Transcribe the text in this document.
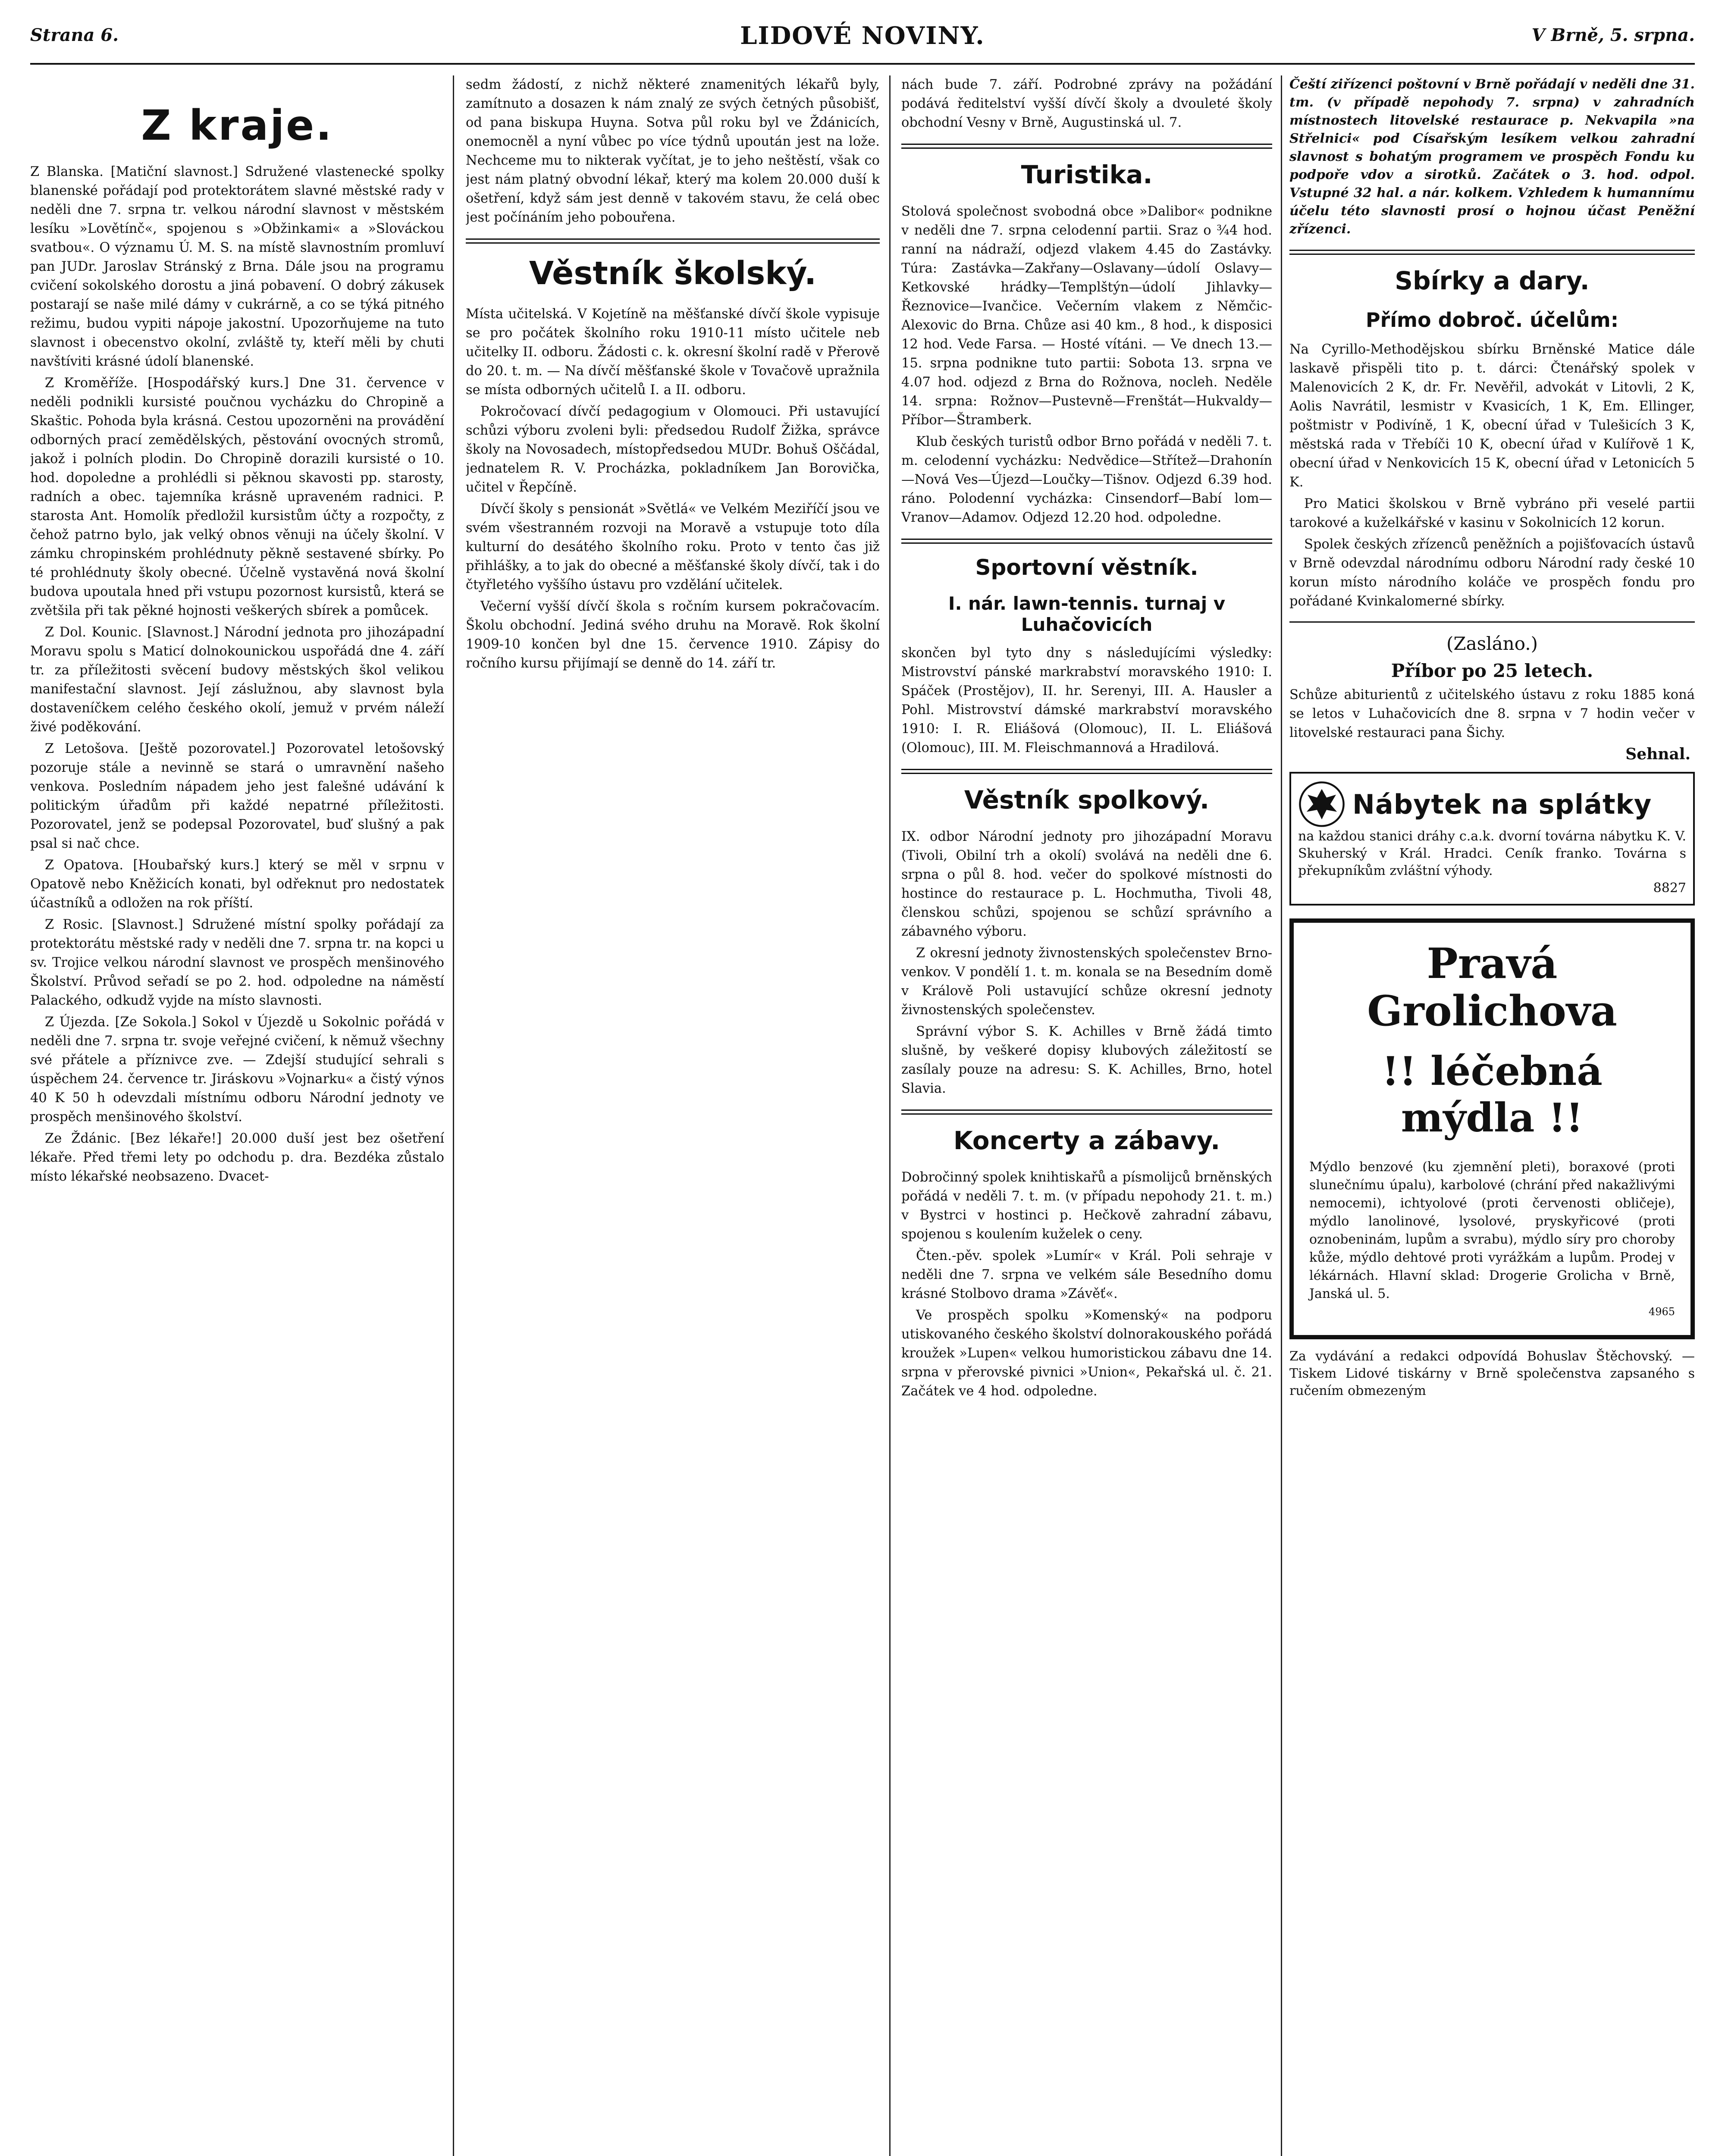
Strana 6.	LIDOVÉ NOVINY.	V Brně, 5. srpna.
Z kraje.

Z Blanska. [Matiční slavnost.] Sdružené vlastenecké spolky blanenské pořádají pod protektorátem slavné městské rady v neděli dne 7. srpna tr. velkou národní slavnost v městském lesíku »Lovětínč«, spojenou s »Obžinkami« a »Slováckou svatbou«. O významu Ú. M. S. na místě slavnostním promluví pan JUDr. Jaroslav Stránský z Brna. Dále jsou na programu cvičení sokolského dorostu a jiná pobavení. O dobrý zákusek postarají se naše milé dámy v cukrárně, a co se týká pitného režimu, budou vypiti nápoje jakostní. Upozorňujeme na tuto slavnost i obecenstvo okolní, zvláště ty, kteří měli by chuti navštíviti krásné údolí blanenské.

Z Kroměříže. [Hospodářský kurs.] Dne 31. července v neděli podnikli kursisté poučnou vycházku do Chropině a Skaštic. Pohoda byla krásná. Cestou upozorněni na provádění odborných prací zemědělských, pěstování ovocných stromů, jakož i polních plodin. Do Chropině dorazili kursisté o 10. hod. dopoledne a prohlédli si pěknou skavosti pp. starosty, radních a obec. tajemníka krásně upraveném radnici. P. starosta Ant. Homolík předložil kursistům účty a rozpočty, z čehož patrno bylo, jak velký obnos věnuji na účely školní. V zámku chropinském prohlédnuty pěkně sestavené sbírky. Po té prohlédnuty školy obecné. Účelně vystavěná nová školní budova upoutala hned při vstupu pozornost kursistů, která se zvětšila při tak pěkné hojnosti veškerých sbírek a pomůcek.

Z Dol. Kounic. [Slavnost.] Národní jednota pro jihozápadní Moravu spolu s Maticí dolnokounickou uspořádá dne 4. září tr. za příležitosti svěcení budovy městských škol velikou manifestační slavnost. Její záslužnou, aby slavnost byla dostaveníčkem celého českého okolí, jemuž v prvém náleží živé poděkování.

Z Letošova. [Ještě pozorovatel.] Pozorovatel letošovský pozoruje stále a nevinně se stará o umravnění našeho venkova. Posledním nápadem jeho jest falešné udávání k politickým úřadům při každé nepatrné příležitosti. Pozorovatel, jenž se podepsal Pozorovatel, buď slušný a pak psal si nač chce.

Z Opatova. [Houbařský kurs.] který se měl v srpnu v Opatově nebo Kněžicích konati, byl odřeknut pro nedostatek účastníků a odložen na rok příští.

Z Rosic. [Slavnost.] Sdružené místní spolky pořádají za protektorátu městské rady v neděli dne 7. srpna tr. na kopci u sv. Trojice velkou národní slavnost ve prospěch menšinového Školství. Průvod seřadí se po 2. hod. odpoledne na náměstí Palackého, odkudž vyjde na místo slavnosti.

Z Újezda. [Ze Sokola.] Sokol v Újezdě u Sokolnic pořádá v neděli dne 7. srpna tr. svoje veřejné cvičení, k němuž všechny své přátele a příznivce zve. — Zdejší studující sehrali s úspěchem 24. července tr. Jiráskovu »Vojnarku« a čistý výnos 40 K 50 h odevzdali místnímu odboru Národní jednoty ve prospěch menšinového školství.

Ze Ždánic. [Bez lékaře!] 20.000 duší jest bez ošetření lékaře. Před třemi lety po odchodu p. dra. Bezdéka zůstalo místo lékařské neobsazeno. Dvacet-

sedm žádostí, z nichž některé znamenitých lékařů byly, zamítnuto a dosazen k nám znalý ze svých četných působišť, od pana biskupa Huyna. Sotva půl roku byl ve Ždánicích, onemocněl a nyní vůbec po více týdnů upoután jest na lože. Nechceme mu to nikterak vyčítat, je to jeho neštěstí, však co jest nám platný obvodní lékař, který ma kolem 20.000 duší k ošetření, když sám jest denně v takovém stavu, že celá obec jest počínáním jeho pobouřena.

Věstník školský.

Místa učitelská. V Kojetíně na měšťanské dívčí škole vypisuje se pro počátek školního roku 1910-11 místo učitele neb učitelky II. odboru. Žádosti c. k. okresní školní radě v Přerově do 20. t. m. — Na dívčí měšťanské škole v Tovačově upražnila se místa odborných učitelů I. a II. odboru.

Pokročovací dívčí pedagogium v Olomouci. Při ustavující schůzi výboru zvoleni byli: předsedou Rudolf Žižka, správce školy na Novosadech, místopředsedou MUDr. Bohuš Oščádal, jednatelem R. V. Procházka, pokladníkem Jan Borovička, učitel v Řepčíně.

Dívčí školy s pensionát »Světlá« ve Velkém Meziříčí jsou ve svém všestranném rozvoji na Moravě a vstupuje toto díla kulturní do desátého školního roku. Proto v tento čas již přihlášky, a to jak do obecné a měšťanské školy dívčí, tak i do čtyřletého vyššího ústavu pro vzdělání učitelek.

Večerní vyšší dívčí škola s ročním kursem pokračovacím. Školu obchodní. Jediná svého druhu na Moravě. Rok školní 1909-10 končen byl dne 15. července 1910. Zápisy do ročního kursu přijímají se denně do 14. září tr.

nách bude 7. září. Podrobné zprávy na požádání podává ředitelství vyšší dívčí školy a dvouleté školy obchodní Vesny v Brně, Augustinská ul. 7.

Turistika.

Stolová společnost svobodná obce »Dalibor« podnikne v neděli dne 7. srpna celodenní partii. Sraz o ¾4 hod. ranní na nádraží, odjezd vlakem 4.45 do Zastávky. Túra: Zastávka—Zakřany—Oslavany—údolí Oslavy—Ketkovské hrádky—Templštýn—údolí Jihlavky—Řeznovice—Ivančice. Večerním vlakem z Němčic-Alexovic do Brna. Chůze asi 40 km., 8 hod., k disposici 12 hod. Vede Farsa. — Hosté vítáni. — Ve dnech 13.—15. srpna podnikne tuto partii: Sobota 13. srpna ve 4.07 hod. odjezd z Brna do Rožnova, nocleh. Neděle 14. srpna: Rožnov—Pustevně—Frenštát—Hukvaldy—Příbor—Štramberk.

Klub českých turistů odbor Brno pořádá v neděli 7. t. m. celodenní vycházku: Nedvědice—Střítež—Drahonín—Nová Ves—Újezd—Loučky—Tišnov. Odjezd 6.39 hod. ráno. Polodenní vycházka: Cinsendorf—Babí lom—Vranov—Adamov. Odjezd 12.20 hod. odpoledne.

Sportovní věstník.
I. nár. lawn-tennis. turnaj v Luhačovicích

skončen byl tyto dny s následujícími výsledky: Mistrovství pánské markrabství moravského 1910: I. Spáček (Prostějov), II. hr. Serenyi, III. A. Hausler a Pohl. Mistrovství dámské markrabství moravského 1910: I. R. Eliášová (Olomouc), II. L. Eliášová (Olomouc), III. M. Fleischmannová a Hradilová.

Věstník spolkový.

IX. odbor Národní jednoty pro jihozápadní Moravu (Tivoli, Obilní trh a okolí) svolává na neděli dne 6. srpna o půl 8. hod. večer do spolkové místnosti do hostince do restaurace p. L. Hochmutha, Tivoli 48, členskou schůzi, spojenou se schůzí správního a zábavného výboru.

Z okresní jednoty živnostenských společenstev Brno-venkov. V pondělí 1. t. m. konala se na Besedním domě v Králově Poli ustavující schůze okresní jednoty živnostenských společenstev.

Správní výbor S. K. Achilles v Brně žádá timto slušně, by veškeré dopisy klubových záležitostí se zasílaly pouze na adresu: S. K. Achilles, Brno, hotel Slavia.

Koncerty a zábavy.

Dobročinný spolek knihtiskařů a písmolijců brněnských pořádá v neděli 7. t. m. (v případu nepohody 21. t. m.) v Bystrci v hostinci p. Hečkově zahradní zábavu, spojenou s koulením kuželek o ceny.

Čten.-pěv. spolek »Lumír« v Král. Poli sehraje v neděli dne 7. srpna ve velkém sále Besedního domu krásné Stolbovo drama »Závěť«.

Ve prospěch spolku »Komenský« na podporu utiskovaného českého školství dolnorakouského pořádá kroužek »Lupen« velkou humoristickou zábavu dne 14. srpna v přerovské pivnici »Union«, Pekařská ul. č. 21. Začátek ve 4 hod. odpoledne.

Čeští ziřízenci poštovní v Brně pořádají v neděli dne 31. tm. (v případě nepohody 7. srpna) v zahradních místnostech litovelské restaurace p. Nekvapila »na Střelnici« pod Císařským lesíkem velkou zahradní slavnost s bohatým programem ve prospěch Fondu ku podpoře vdov a sirotků. Začátek o 3. hod. odpol. Vstupné 32 hal. a nár. kolkem. Vzhledem k humannímu účelu této slavnosti prosí o hojnou účast Peněžní zřízenci.
Sbírky a dary.
Přímo dobroč. účelům:

Na Cyrillo-Methodějskou sbírku Brněnské Matice dále laskavě přispěli tito p. t. dárci: Čtenářský spolek v Malenovicích 2 K, dr. Fr. Nevěřil, advokát v Litovli, 2 K, Aolis Navrátil, lesmistr v Kvasicích, 1 K, Em. Ellinger, poštmistr v Podivíně, 1 K, obecní úřad v Tulešicích 3 K, městská rada v Třebíči 10 K, obecní úřad v Kulířově 1 K, obecní úřad v Nenkovicích 15 K, obecní úřad v Letonicích 5 K.

Pro Matici školskou v Brně vybráno při veselé partii tarokové a kuželkářské v kasinu v Sokolnicích 12 korun.

Spolek českých zřízenců peněžních a pojišťovacích ústavů v Brně odevzdal národnímu odboru Národní rady české 10 korun místo národního koláče ve prospěch fondu pro pořádané Kvinkalomerné sbírky.

(Zasláno.)
Příbor po 25 letech.

Schůze abiturientů z učitelského ústavu z roku 1885 koná se letos v Luhačovicích dne 8. srpna v 7 hodin večer v litovelské restauraci pana Šichy.

Sehnal.
Nábytek na splátky

na každou stanici dráhy c.a.k. dvorní továrna nábytku K. V. Skuherský v Král. Hradci. Ceník franko. Továrna s překupníkům zvláštní výhody.

8827

Pravá Grolichova
!! léčebná mýdla !!

Mýdlo benzové (ku zjemnění pleti), boraxové (proti slunečnímu úpalu), karbolové (chrání před nakažlivými nemocemi), ichtyolové (proti červenosti obličeje), mýdlo lanolinové, lysolové, pryskyřicové (proti oznobeninám, lupům a svrabu), mýdlo síry pro choroby kůže, mýdlo dehtové proti vyrážkám a lupům. Prodej v lékárnách. Hlavní sklad: Drogerie Grolicha v Brně, Janská ul. 5.

4965
Za vydávání a redakci odpovídá Bohuslav Štěchovský. — Tiskem Lidové tiskárny v Brně společenstva zapsaného s ručením obmezeným
